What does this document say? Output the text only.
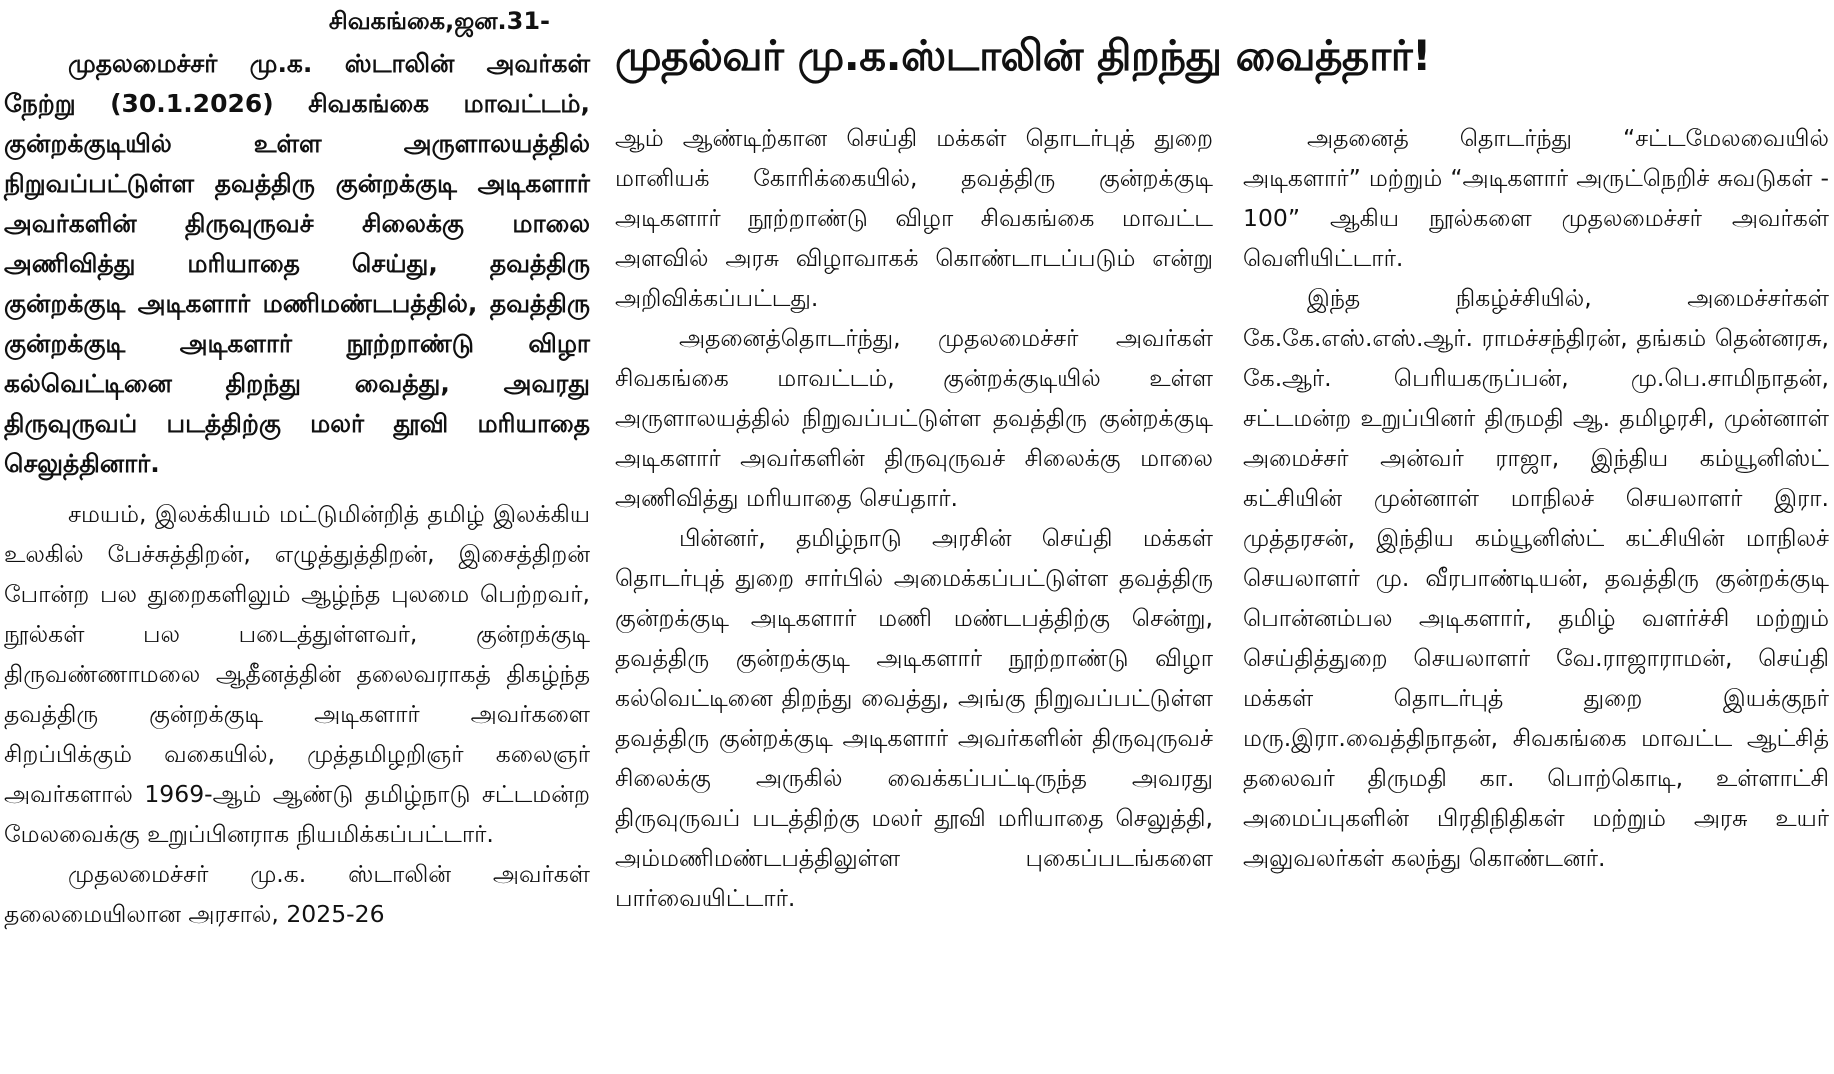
முதல்வர் மு.க.ஸ்டாலின் திறந்து வைத்தார்!
சிவகங்கை,ஜன.31-

முதலமைச்சர் மு.க. ஸ்டாலின் அவர்கள் நேற்று (30.1.2026) சிவகங்கை மாவட்டம், குன்றக்குடியில் உள்ள அருளாலயத்தில் நிறுவப்பட்டுள்ள தவத்திரு குன்றக்குடி அடிகளார் அவர்களின் திருவுருவச் சிலைக்கு மாலை அணிவித்து மரியாதை செய்து, தவத்திரு குன்றக்குடி அடிகளார் மணிமண்டபத்தில், தவத்திரு குன்றக்குடி அடிகளார் நூற்றாண்டு விழா கல்வெட்டினை திறந்து வைத்து, அவரது திருவுருவப் படத்திற்கு மலர் தூவி மரியாதை செலுத்தினார்.

சமயம், இலக்கியம் மட்டுமின்றித் தமிழ் இலக்கிய உலகில் பேச்சுத்திறன், எழுத்துத்திறன், இசைத்திறன் போன்ற பல துறைகளிலும் ஆழ்ந்த புலமை பெற்றவர், நூல்கள் பல படைத்துள்ளவர், குன்றக்குடி திருவண்ணாமலை ஆதீனத்தின் தலைவராகத் திகழ்ந்த தவத்திரு குன்றக்குடி அடிகளார் அவர்களை சிறப்பிக்கும் வகையில், முத்தமிழறிஞர் கலைஞர் அவர்களால் 1969-ஆம் ஆண்டு தமிழ்நாடு சட்டமன்ற மேலவைக்கு உறுப்பினராக நியமிக்கப்பட்டார்.

முதலமைச்சர் மு.க. ஸ்டாலின் அவர்கள் தலைமையிலான அரசால், 2025-26

ஆம் ஆண்டிற்கான செய்தி மக்கள் தொடர்புத் துறை மானியக் கோரிக்கையில், தவத்திரு குன்றக்குடி அடிகளார் நூற்றாண்டு விழா சிவகங்கை மாவட்ட அளவில் அரசு விழாவாகக் கொண்டாடப்படும் என்று அறிவிக்கப்பட்டது.

அதனைத்தொடர்ந்து, முதலமைச்சர் அவர்கள் சிவகங்கை மாவட்டம், குன்றக்குடியில் உள்ள அருளாலயத்தில் நிறுவப்பட்டுள்ள தவத்திரு குன்றக்குடி அடிகளார் அவர்களின் திருவுருவச் சிலைக்கு மாலை அணிவித்து மரியாதை செய்தார்.

பின்னர், தமிழ்நாடு அரசின் செய்தி மக்கள் தொடர்புத் துறை சார்பில் அமைக்கப்பட்டுள்ள தவத்திரு குன்றக்குடி அடிகளார் மணி மண்டபத்திற்கு சென்று, தவத்திரு குன்றக்குடி அடிகளார் நூற்றாண்டு விழா கல்வெட்டினை திறந்து வைத்து, அங்கு நிறுவப்பட்டுள்ள தவத்திரு குன்றக்குடி அடிகளார் அவர்களின் திருவுருவச் சிலைக்கு அருகில் வைக்கப்பட்டிருந்த அவரது திருவுருவப் படத்திற்கு மலர் தூவி மரியாதை செலுத்தி, அம்மணிமண்டபத்திலுள்ள புகைப்படங்களை பார்வையிட்டார்.

அதனைத் தொடர்ந்து “சட்டமேலவையில் அடிகளார்” மற்றும் “அடிகளார் அருட்நெறிச் சுவடுகள் - 100” ஆகிய நூல்களை முதலமைச்சர் அவர்கள் வெளியிட்டார்.

இந்த நிகழ்ச்சியில், அமைச்சர்கள் கே.கே.எஸ்.எஸ்.ஆர். ராமச்சந்திரன், தங்கம் தென்னரசு, கே.ஆர். பெரியகருப்பன், மு.பெ.சாமிநாதன், சட்டமன்ற உறுப்பினர் திருமதி ஆ. தமிழரசி, முன்னாள் அமைச்சர் அன்வர் ராஜா, இந்திய கம்யூனிஸ்ட் கட்சியின் முன்னாள் மாநிலச் செயலாளர் இரா. முத்தரசன், இந்திய கம்யூனிஸ்ட் கட்சியின் மாநிலச் செயலாளர் மு. வீரபாண்டியன், தவத்திரு குன்றக்குடி பொன்னம்பல அடிகளார், தமிழ் வளர்ச்சி மற்றும் செய்தித்துறை செயலாளர் வே.ராஜாராமன், செய்தி மக்கள் தொடர்புத் துறை இயக்குநர் மரு.இரா.வைத்திநாதன், சிவகங்கை மாவட்ட ஆட்சித் தலைவர் திருமதி கா. பொற்கொடி, உள்ளாட்சி அமைப்புகளின் பிரதிநிதிகள் மற்றும் அரசு உயர் அலுவலர்கள் கலந்து கொண்டனர்.
